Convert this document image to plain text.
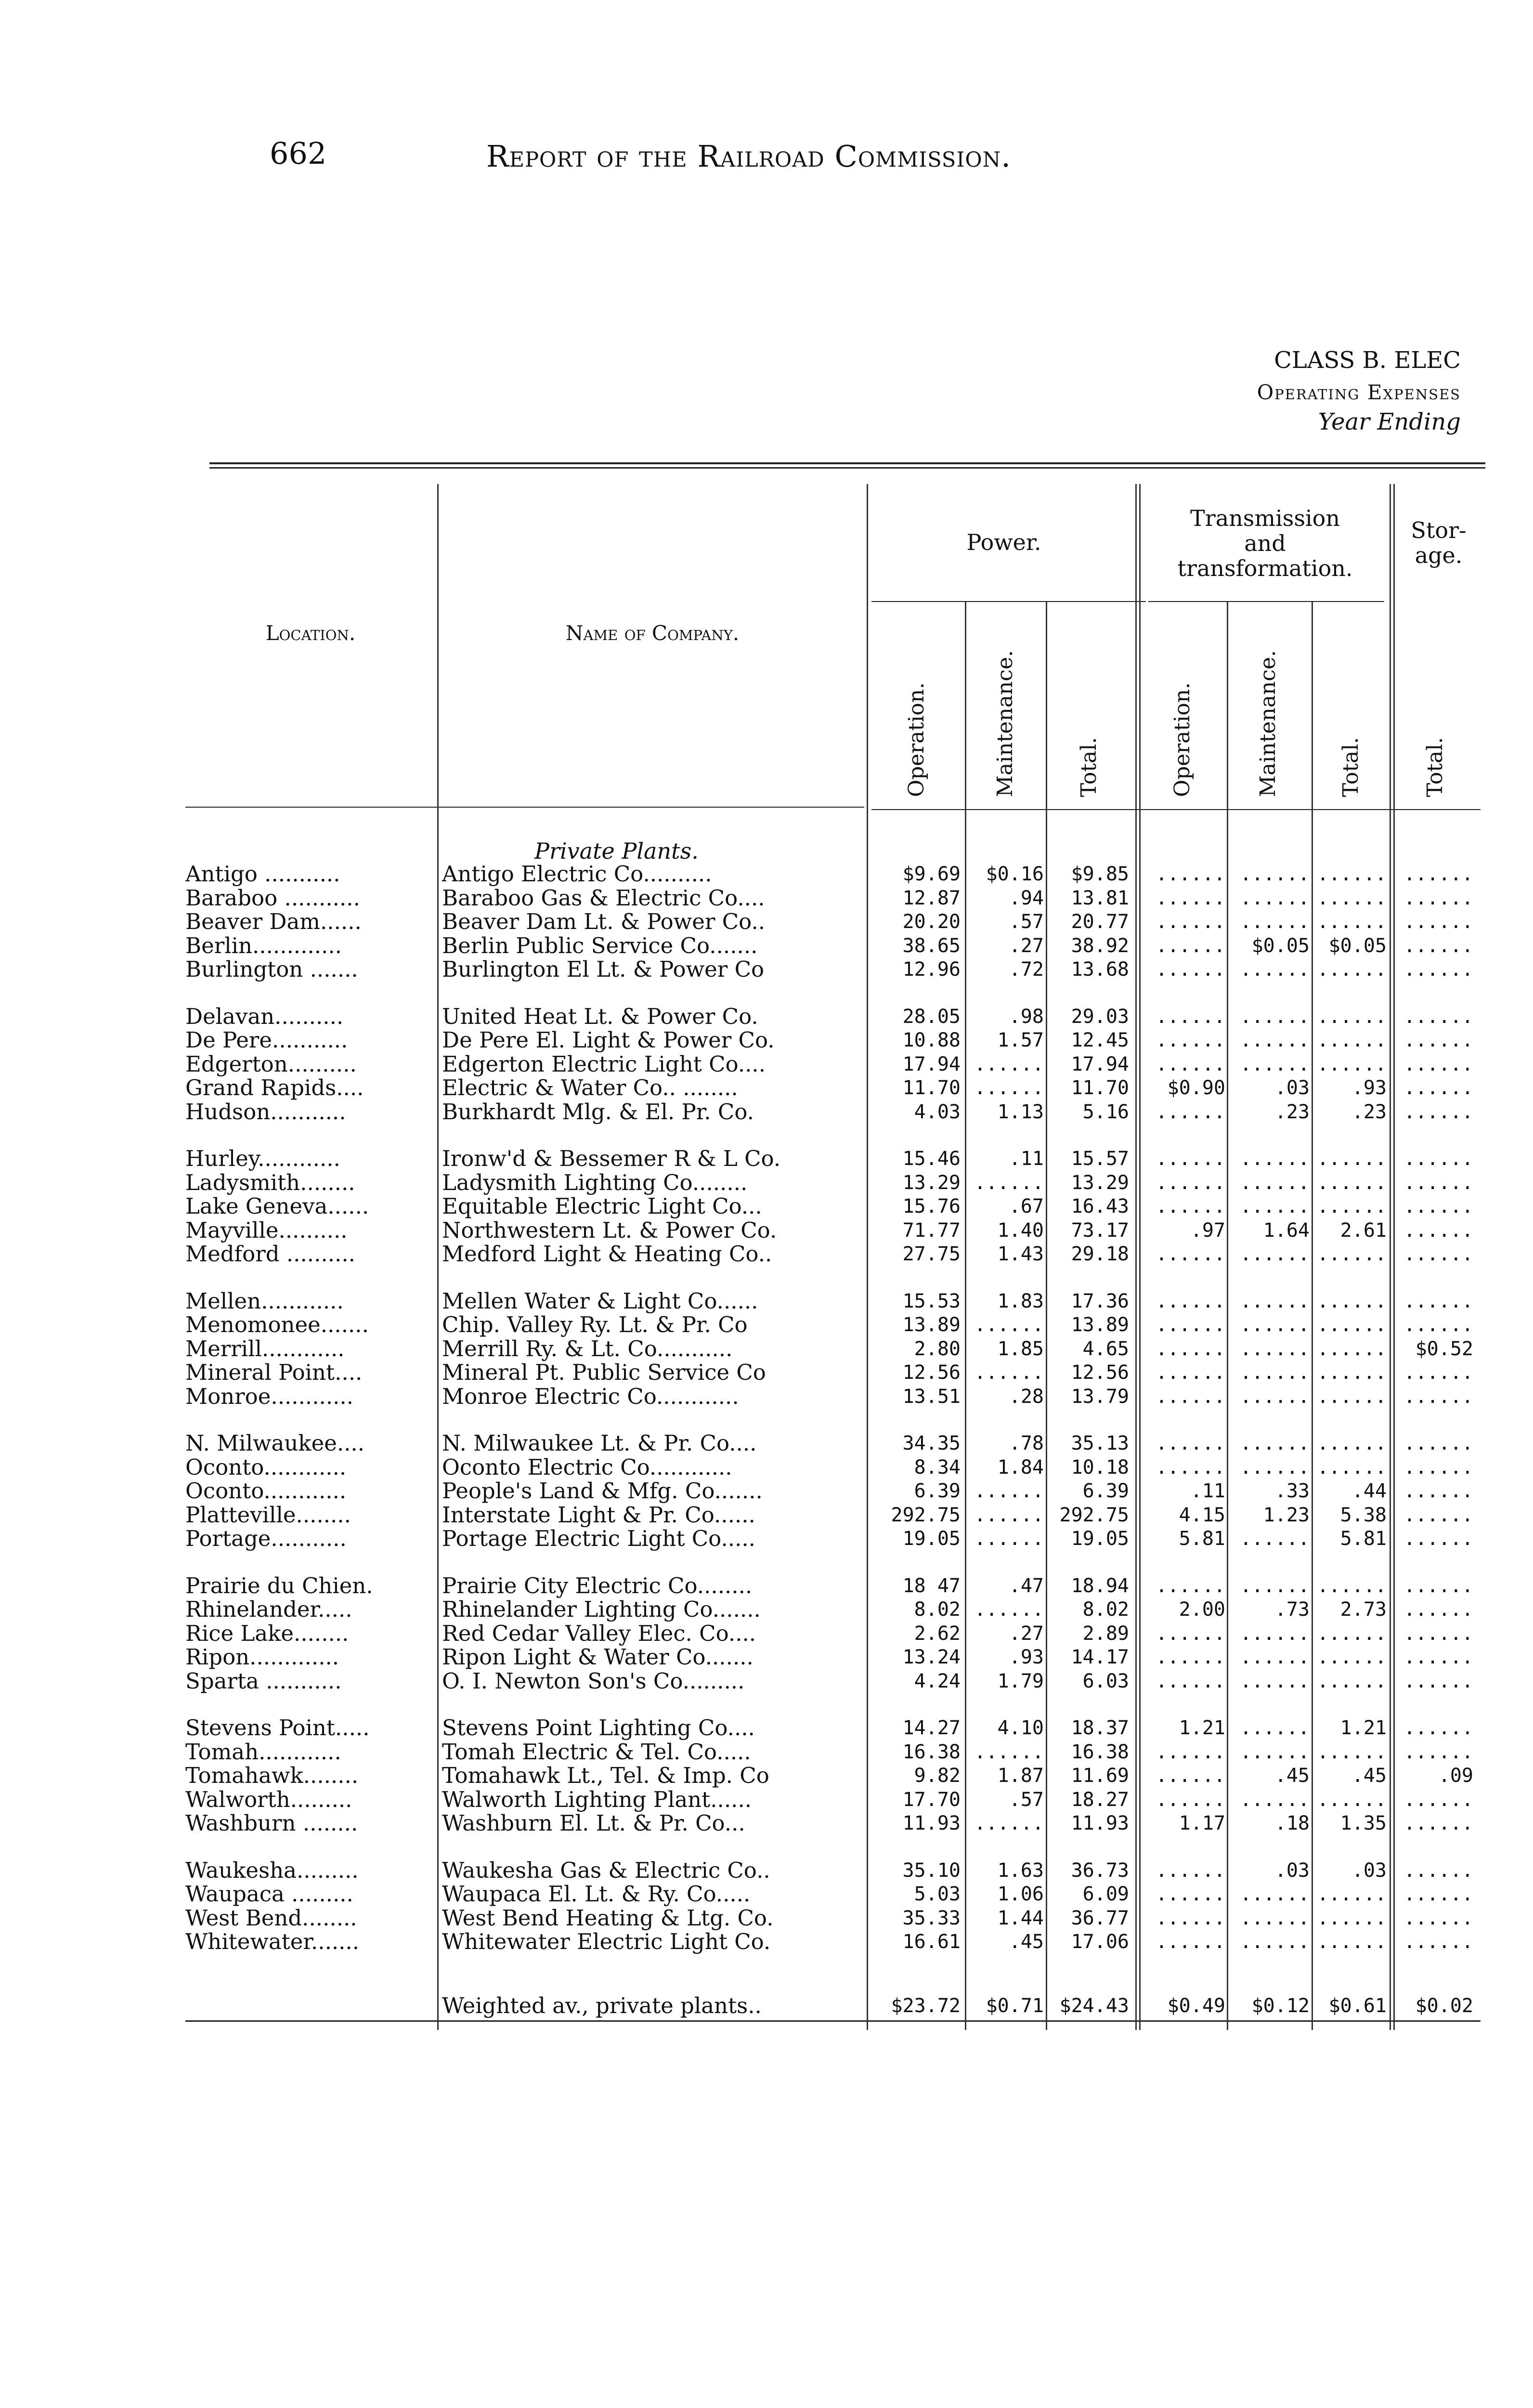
662	Report of the Railroad Commission.
CLASS B. ELEC
Operating Expenses
Year Ending
Location.	Name of Company.
Power.
Transmission
and
transformation.
Stor-
age.
Operation.	Maintenance.	Total.	Operation.	Maintenance.	Total.	Total.
Private Plants.
Antigo ...........	Antigo Electric Co..........	$9.69	$0.16	$9.85	...... ...... ...... ......
Baraboo ...........	Baraboo Gas & Electric Co....	12.87	.94	13.81	...... ...... ...... ......
Beaver Dam......	Beaver Dam Lt. & Power Co..	20.20	.57	20.77	...... ...... ...... ......
Berlin.............	Berlin Public Service Co.......	38.65	.27	38.92	......	$0.05 $0.05 ......
Burlington .......	Burlington El Lt. & Power Co	12.96	.72	13.68	...... ...... ...... ......
Delavan..........	United Heat Lt. & Power Co.	28.05	.98	29.03	...... ...... ...... ......
De Pere...........	De Pere El. Light & Power Co.	10.88	1.57	12.45	...... ...... ...... ......
Edgerton..........	Edgerton Electric Light Co....	17.94 ......	17.94	...... ...... ...... ......
Grand Rapids....	Electric & Water Co.. ........	11.70 ......	11.70	$0.90	.03	.93 ......
Hudson...........	Burkhardt Mlg. & El. Pr. Co.	4.03	1.13	5.16	......	.23	.23 ......
Hurley............	Ironw'd & Bessemer R & L Co.	15.46	.11	15.57	...... ...... ...... ......
Ladysmith........	Ladysmith Lighting Co........	13.29 ......	13.29	...... ...... ...... ......
Lake Geneva......	Equitable Electric Light Co...	15.76	.67	16.43	...... ...... ...... ......
Mayville..........	Northwestern Lt. & Power Co.	71.77	1.40	73.17	.97	1.64	2.61 ......
Medford ..........	Medford Light & Heating Co..	27.75	1.43	29.18	...... ...... ...... ......
Mellen............	Mellen Water & Light Co......	15.53	1.83	17.36	...... ...... ...... ......
Menomonee.......	Chip. Valley Ry. Lt. & Pr. Co	13.89 ......	13.89	...... ...... ...... ......
Merrill............	Merrill Ry. & Lt. Co...........	2.80	1.85	4.65	...... ...... ......	$0.52
Mineral Point....	Mineral Pt. Public Service Co	12.56 ......	12.56	...... ...... ...... ......
Monroe............	Monroe Electric Co............	13.51	.28	13.79	...... ...... ...... ......
N. Milwaukee....	N. Milwaukee Lt. & Pr. Co....	34.35	.78	35.13	...... ...... ...... ......
Oconto............	Oconto Electric Co............	8.34	1.84	10.18	...... ...... ...... ......
Oconto............	People's Land & Mfg. Co.......	6.39 ......	6.39	.11	.33	.44 ......
Platteville........	Interstate Light & Pr. Co......	292.75 ...... 292.75	4.15	1.23	5.38 ......
Portage...........	Portage Electric Light Co.....	19.05 ......	19.05	5.81 ......	5.81 ......
Prairie du Chien.	Prairie City Electric Co........	18 47	.47	18.94	...... ...... ...... ......
Rhinelander.....	Rhinelander Lighting Co.......	8.02 ......	8.02	2.00	.73	2.73 ......
Rice Lake........	Red Cedar Valley Elec. Co....	2.62	.27	2.89	...... ...... ...... ......
Ripon.............	Ripon Light & Water Co.......	13.24	.93	14.17	...... ...... ...... ......
Sparta ...........	O. I. Newton Son's Co.........	4.24	1.79	6.03	...... ...... ...... ......
Stevens Point.....	Stevens Point Lighting Co....	14.27	4.10	18.37	1.21 ......	1.21 ......
Tomah............	Tomah Electric & Tel. Co.....	16.38 ......	16.38	...... ...... ...... ......
Tomahawk........	Tomahawk Lt., Tel. & Imp. Co	9.82	1.87	11.69	......	.45	.45	.09
Walworth.........	Walworth Lighting Plant......	17.70	.57	18.27	...... ...... ...... ......
Washburn ........	Washburn El. Lt. & Pr. Co...	11.93 ......	11.93	1.17	.18	1.35 ......
Waukesha.........	Waukesha Gas & Electric Co..	35.10	1.63	36.73	......	.03	.03 ......
Waupaca .........	Waupaca El. Lt. & Ry. Co.....	5.03	1.06	6.09	...... ...... ...... ......
West Bend........	West Bend Heating & Ltg. Co.	35.33	1.44	36.77	...... ...... ...... ......
Whitewater.......	Whitewater Electric Light Co.	16.61	.45	17.06	...... ...... ...... ......
Weighted av., private plants..	$23.72	$0.71 $24.43	$0.49	$0.12 $0.61	$0.02
